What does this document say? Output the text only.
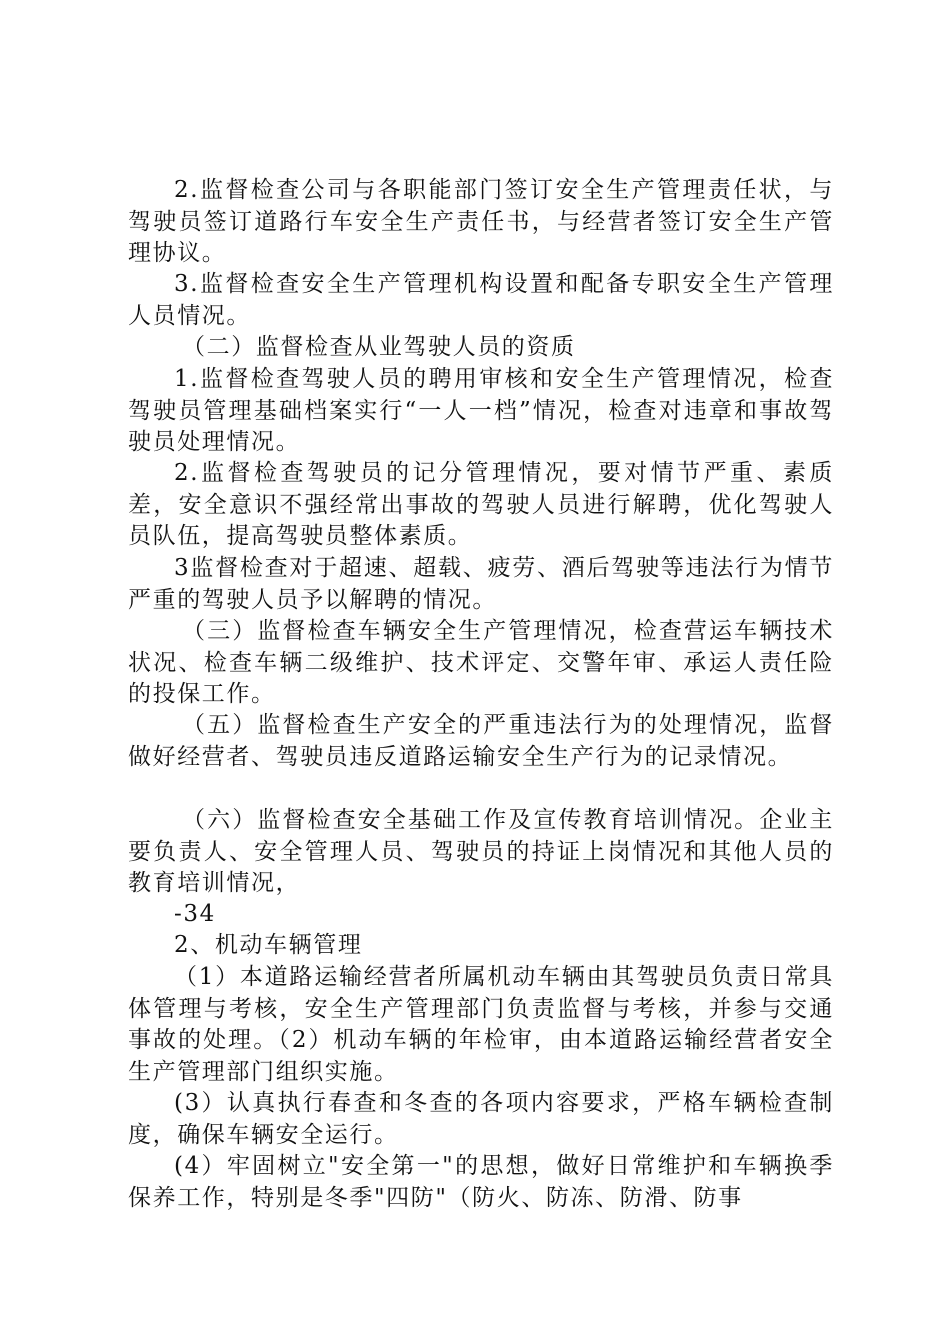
2.监督检查公司与各职能部门签订安全生产管理责任状，与驾驶员签订道路行车安全生产责任书，与经营者签订安全生产管理协议。

3.监督检查安全生产管理机构设置和配备专职安全生产管理人员情况。

（二）监督检查从业驾驶人员的资质

1.监督检查驾驶人员的聘用审核和安全生产管理情况，检查驾驶员管理基础档案实行“一人一档”情况，检查对违章和事故驾驶员处理情况。

2.监督检查驾驶员的记分管理情况，要对情节严重、素质差，安全意识不强经常出事故的驾驶人员进行解聘，优化驾驶人员队伍，提高驾驶员整体素质。

3监督检查对于超速、超载、疲劳、酒后驾驶等违法行为情节严重的驾驶人员予以解聘的情况。

（三）监督检查车辆安全生产管理情况，检查营运车辆技术状况、检查车辆二级维护、技术评定、交警年审、承运人责任险的投保工作。

（五）监督检查生产安全的严重违法行为的处理情况，监督做好经营者、驾驶员违反道路运输安全生产行为的记录情况。

（六）监督检查安全基础工作及宣传教育培训情况。企业主要负责人、安全管理人员、驾驶员的持证上岗情况和其他人员的教育培训情况，

-34

2、机动车辆管理

（1）本道路运输经营者所属机动车辆由其驾驶员负责日常具体管理与考核，安全生产管理部门负责监督与考核，并参与交通事故的处理。（2）机动车辆的年检审，由本道路运输经营者安全生产管理部门组织实施。

(3）认真执行春查和冬查的各项内容要求，严格车辆检查制度，确保车辆安全运行。

(4）牢固树立"安全第一"的思想，做好日常维护和车辆换季保养工作，特别是冬季"四防"（防火、防冻、防滑、防事
